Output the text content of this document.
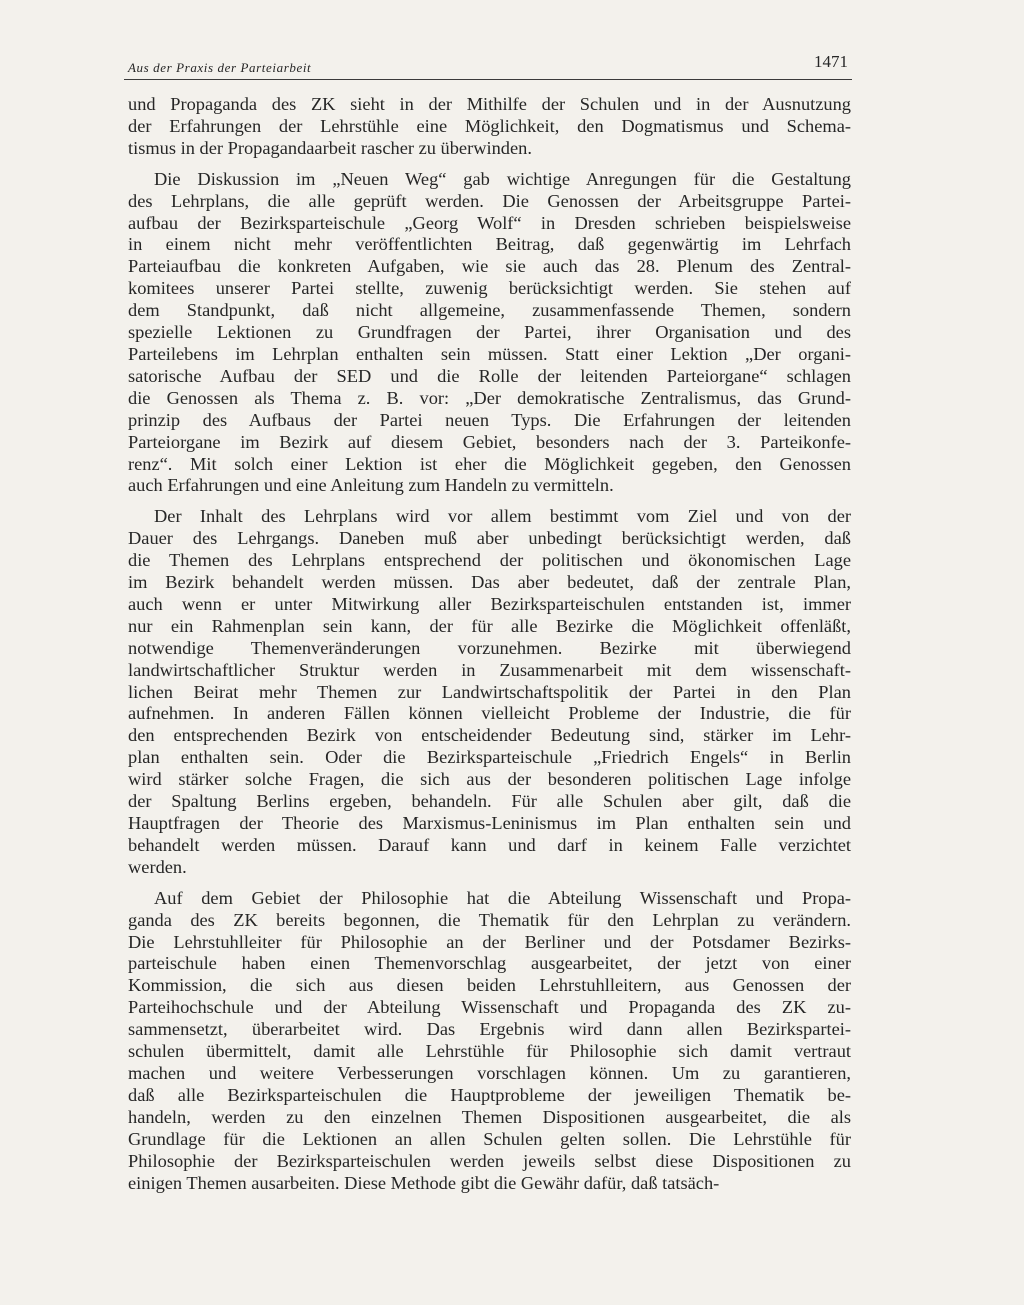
Aus der Praxis der Parteiarbeit	1471
und Propaganda des ZK sieht in der Mithilfe der Schulen und in der Ausnutzung
der Erfahrungen der Lehrstühle eine Möglichkeit, den Dogmatismus und Schema-
tismus in der Propagandaarbeit rascher zu überwinden.
Die Diskussion im „Neuen Weg“ gab wichtige Anregungen für die Gestaltung
des Lehrplans, die alle geprüft werden. Die Genossen der Arbeitsgruppe Partei-
aufbau der Bezirksparteischule „Georg Wolf“ in Dresden schrieben beispielsweise
in einem nicht mehr veröffentlichten Beitrag, daß gegenwärtig im Lehrfach
Parteiaufbau die konkreten Aufgaben, wie sie auch das 28. Plenum des Zentral-
komitees unserer Partei stellte, zuwenig berücksichtigt werden. Sie stehen auf
dem Standpunkt, daß nicht allgemeine, zusammenfassende Themen, sondern
spezielle Lektionen zu Grundfragen der Partei, ihrer Organisation und des
Parteilebens im Lehrplan enthalten sein müssen. Statt einer Lektion „Der organi-
satorische Aufbau der SED und die Rolle der leitenden Parteiorgane“ schlagen
die Genossen als Thema z. B. vor: „Der demokratische Zentralismus, das Grund-
prinzip des Aufbaus der Partei neuen Typs. Die Erfahrungen der leitenden
Parteiorgane im Bezirk auf diesem Gebiet, besonders nach der 3. Parteikonfe-
renz“. Mit solch einer Lektion ist eher die Möglichkeit gegeben, den Genossen
auch Erfahrungen und eine Anleitung zum Handeln zu vermitteln.
Der Inhalt des Lehrplans wird vor allem bestimmt vom Ziel und von der
Dauer des Lehrgangs. Daneben muß aber unbedingt berücksichtigt werden, daß
die Themen des Lehrplans entsprechend der politischen und ökonomischen Lage
im Bezirk behandelt werden müssen. Das aber bedeutet, daß der zentrale Plan,
auch wenn er unter Mitwirkung aller Bezirksparteischulen entstanden ist, immer
nur ein Rahmenplan sein kann, der für alle Bezirke die Möglichkeit offenläßt,
notwendige Themenveränderungen vorzunehmen. Bezirke mit überwiegend
landwirtschaftlicher Struktur werden in Zusammenarbeit mit dem wissenschaft-
lichen Beirat mehr Themen zur Landwirtschaftspolitik der Partei in den Plan
aufnehmen. In anderen Fällen können vielleicht Probleme der Industrie, die für
den entsprechenden Bezirk von entscheidender Bedeutung sind, stärker im Lehr-
plan enthalten sein. Oder die Bezirksparteischule „Friedrich Engels“ in Berlin
wird stärker solche Fragen, die sich aus der besonderen politischen Lage infolge
der Spaltung Berlins ergeben, behandeln. Für alle Schulen aber gilt, daß die
Hauptfragen der Theorie des Marxismus-Leninismus im Plan enthalten sein und
behandelt werden müssen. Darauf kann und darf in keinem Falle verzichtet
werden.
Auf dem Gebiet der Philosophie hat die Abteilung Wissenschaft und Propa-
ganda des ZK bereits begonnen, die Thematik für den Lehrplan zu verändern.
Die Lehrstuhlleiter für Philosophie an der Berliner und der Potsdamer Bezirks-
parteischule haben einen Themenvorschlag ausgearbeitet, der jetzt von einer
Kommission, die sich aus diesen beiden Lehrstuhlleitern, aus Genossen der
Parteihochschule und der Abteilung Wissenschaft und Propaganda des ZK zu-
sammensetzt, überarbeitet wird. Das Ergebnis wird dann allen Bezirkspartei-
schulen übermittelt, damit alle Lehrstühle für Philosophie sich damit vertraut
machen und weitere Verbesserungen vorschlagen können. Um zu garantieren,
daß alle Bezirksparteischulen die Hauptprobleme der jeweiligen Thematik be-
handeln, werden zu den einzelnen Themen Dispositionen ausgearbeitet, die als
Grundlage für die Lektionen an allen Schulen gelten sollen. Die Lehrstühle für
Philosophie der Bezirksparteischulen werden jeweils selbst diese Dispositionen zu
einigen Themen ausarbeiten. Diese Methode gibt die Gewähr dafür, daß tatsäch-
